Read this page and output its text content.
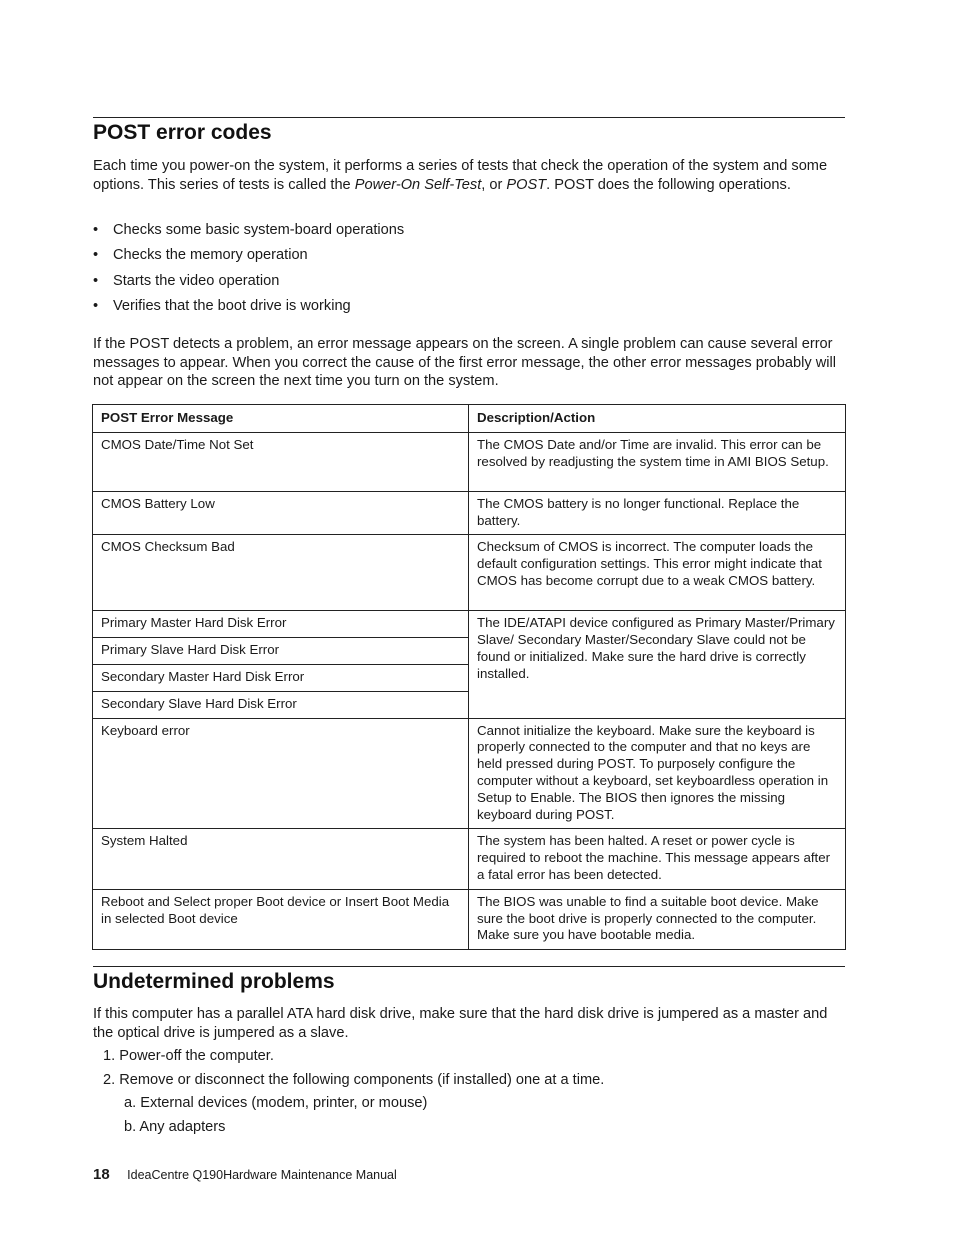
POST error codes

Each time you power-on the system, it performs a series of tests that check the operation of the system and some options. This series of tests is called the Power-On Self-Test, or POST. POST does the following operations.

• Checks some basic system-board operations
• Checks the memory operation
• Starts the video operation
• Verifies that the boot drive is working

If the POST detects a problem, an error message appears on the screen. A single problem can cause several error messages to appear. When you correct the cause of the first error message, the other error messages probably will not appear on the screen the next time you turn on the system.

POST Error Message	Description/Action
CMOS Date/Time Not Set	The CMOS Date and/or Time are invalid. This error can be resolved by readjusting the system time in AMI BIOS Setup.
CMOS Battery Low	The CMOS battery is no longer functional. Replace the battery.
CMOS Checksum Bad	Checksum of CMOS is incorrect. The computer loads the default configuration settings. This error might indicate that CMOS has become corrupt due to a weak CMOS battery.
Primary Master Hard Disk Error	The IDE/ATAPI device configured as Primary Master/Primary Slave/ Secondary Master/Secondary Slave could not be found or initialized. Make sure the hard drive is correctly installed.
Primary Slave Hard Disk Error	
Secondary Master Hard Disk Error	
Secondary Slave Hard Disk Error	
Keyboard error	Cannot initialize the keyboard. Make sure the keyboard is properly connected to the computer and that no keys are held pressed during POST. To purposely configure the computer without a keyboard, set keyboardless operation in Setup to Enable. The BIOS then ignores the missing keyboard during POST.
System Halted	The system has been halted. A reset or power cycle is required to reboot the machine. This message appears after a fatal error has been detected.
Reboot and Select proper Boot device or Insert Boot Media in selected Boot device	The BIOS was unable to find a suitable boot device. Make sure the boot drive is properly connected to the computer. Make sure you have bootable media.
Undetermined problems

If this computer has a parallel ATA hard disk drive, make sure that the hard disk drive is jumpered as a master and the optical drive is jumpered as a slave.

1. Power-off the computer.
2. Remove or disconnect the following components (if installed) one at a time.
a. External devices (modem, printer, or mouse)
b. Any adapters
18 IdeaCentre Q190Hardware Maintenance Manual
